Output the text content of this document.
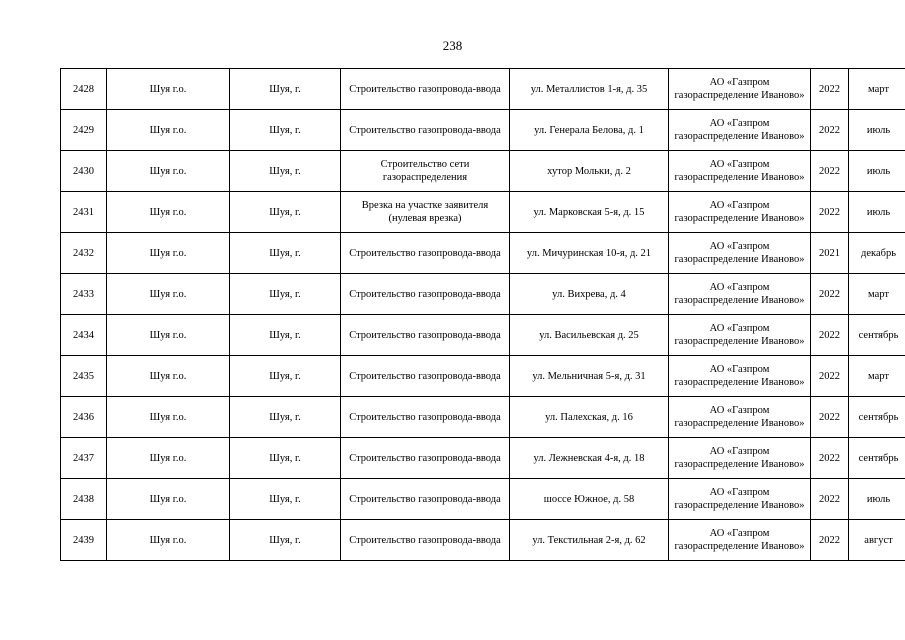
238
2428	Шуя г.о.	Шуя, г.	Строительство газопровода-ввода	ул. Металлистов 1-я, д. 35	АО «Газпром газораспределение Иваново»	2022	март
2429	Шуя г.о.	Шуя, г.	Строительство газопровода-ввода	ул. Генерала Белова, д. 1	АО «Газпром газораспределение Иваново»	2022	июль
2430	Шуя г.о.	Шуя, г.	Строительство сети газораспределения	хутор Мольки, д. 2	АО «Газпром газораспределение Иваново»	2022	июль
2431	Шуя г.о.	Шуя, г.	Врезка на участке заявителя (нулевая врезка)	ул. Марковская 5-я, д. 15	АО «Газпром газораспределение Иваново»	2022	июль
2432	Шуя г.о.	Шуя, г.	Строительство газопровода-ввода	ул. Мичуринская 10-я, д. 21	АО «Газпром газораспределение Иваново»	2021	декабрь
2433	Шуя г.о.	Шуя, г.	Строительство газопровода-ввода	ул. Вихрева, д. 4	АО «Газпром газораспределение Иваново»	2022	март
2434	Шуя г.о.	Шуя, г.	Строительство газопровода-ввода	ул. Васильевская д. 25	АО «Газпром газораспределение Иваново»	2022	сентябрь
2435	Шуя г.о.	Шуя, г.	Строительство газопровода-ввода	ул. Мельничная 5-я, д. 31	АО «Газпром газораспределение Иваново»	2022	март
2436	Шуя г.о.	Шуя, г.	Строительство газопровода-ввода	ул. Палехская, д. 16	АО «Газпром газораспределение Иваново»	2022	сентябрь
2437	Шуя г.о.	Шуя, г.	Строительство газопровода-ввода	ул. Лежневская 4-я, д. 18	АО «Газпром газораспределение Иваново»	2022	сентябрь
2438	Шуя г.о.	Шуя, г.	Строительство газопровода-ввода	шоссе Южное, д. 58	АО «Газпром газораспределение Иваново»	2022	июль
2439	Шуя г.о.	Шуя, г.	Строительство газопровода-ввода	ул. Текстильная 2-я, д. 62	АО «Газпром газораспределение Иваново»	2022	август
